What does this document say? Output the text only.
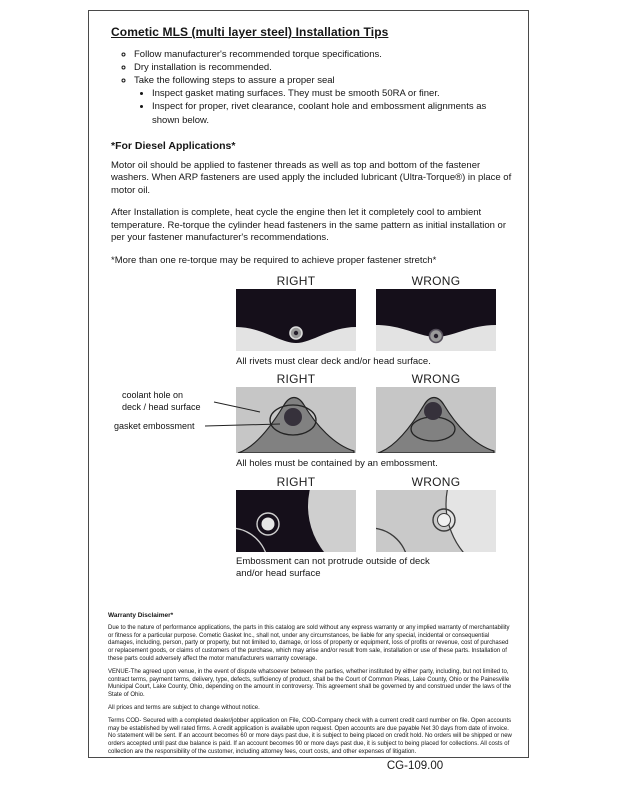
Cometic MLS (multi layer steel) Installation Tips
◦ Follow manufacturer's recommended torque specifications.
◦ Dry installation is recommended.
◦ Take the following steps to assure a proper seal
• Inspect gasket mating surfaces. They must be smooth 50RA or finer.
• Inspect for proper, rivet clearance, coolant hole and embossment alignments as shown below.
*For Diesel Applications*

Motor oil should be applied to fastener threads as well as top and bottom of the fastener washers. When ARP fasteners are used apply the included lubricant (Ultra-Torque®) in place of motor oil.

After Installation is complete, heat cycle the engine then let it completely cool to ambient temperature. Re-torque the cylinder head fasteners in the same pattern as initial installation or per your fastener manufacturer's recommendations.

*More than one re-torque may be required to achieve proper fastener stretch*

RIGHT	WRONG
All rivets must clear deck and/or head surface.
RIGHT	WRONG
coolant hole on
deck / head surface
gasket embossment
All holes must be contained by an embossment.
RIGHT	WRONG
Embossment can not protrude outside of deck and/or head surface
Warranty Disclaimer*

Due to the nature of performance applications, the parts in this catalog are sold without any express warranty or any implied warranty of merchantability or fitness for a particular purpose. Cometic Gasket Inc., shall not, under any circumstances, be liable for any special, incidental or consequential damages, including, person, party or property, but not limited to, damage, or loss of property or equipment, loss of profits or revenue, cost of purchased or replacement goods, or claims of customers of the purchase, which may arise and/or result from sale, installation or use of these parts. Installation of these parts could adversely affect the motor manufacturers warranty coverage.

VENUE-The agreed upon venue, in the event of dispute whatsoever between the parties, whether instituted by either party, including, but not limited to, contract terms, payment terms, delivery, type, defects, sufficiency of product, shall be the Court of Common Pleas, Lake County, Ohio or the Painesville Municipal Court, Lake County, Ohio, depending on the amount in controversy. This agreement shall be governed by and construed under the laws of the State of Ohio.

All prices and terms are subject to change without notice.

Terms COD- Secured with a completed dealer/jobber application on File, COD-Company check with a current credit card number on file. Open accounts may be established by well rated firms. A credit application is available upon request. Open accounts are due payable Net 30 days from date of invoice. No statement will be sent. If an account becomes 60 or more days past due, it is subject to being placed on credit hold. No orders will be shipped or new orders accepted until past due balance is paid. If an account becomes 90 or more days past due, it is subject to being placed for collections. All costs of collection are the responsibility of the customer, including attorney fees, court costs, and other expenses of litigation.

CG-109.00
